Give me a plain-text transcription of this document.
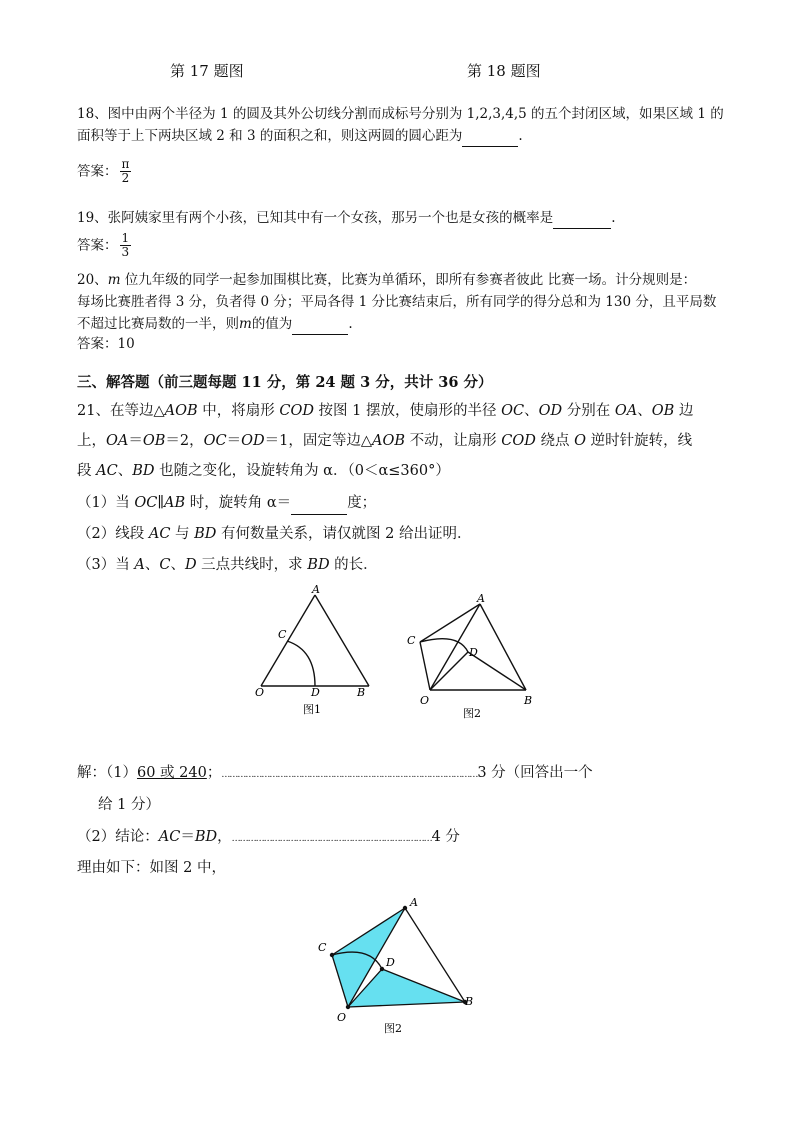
第 17 题图	第 18 题图
18、图中由两个半径为 1 的圆及其外公切线分割而成标号分别为 1,2,3,4,5 的五个封闭区域，如果区域 1 的
面积等于上下两块区域 2 和 3 的面积之和，则这两圆的圆心距为	.
答案： $\frac{\pi}{2}$
19、张阿姨家里有两个小孩，已知其中有一个女孩，那另一个也是女孩的概率是	.
答案： $\frac{1}{3}$
20、m 位九年级的同学一起参加围棋比赛，比赛为单循环，即所有参赛者彼此 比赛一场。计分规则是：
每场比赛胜者得 3 分，负者得 0 分；平局各得 1 分比赛结束后，所有同学的得分总和为 130 分，且平局数
不超过比赛局数的一半，则m的值为	.
答案：10
三、解答题（前三题每题 11 分，第 24 题 3 分，共计 36 分）
21、在等边△AOB 中，将扇形 COD 按图 1 摆放，使扇形的半径 OC、OD 分别在 OA、OB 边
上，OA＝OB＝2，OC＝OD＝1，固定等边△AOB 不动，让扇形 COD 绕点 O 逆时针旋转，线
段 AC、BD 也随之变化，设旋转角为 α．（0＜α≤360°）
（1）当 OC∥AB 时，旋转角 α＝	度；
（2）线段 AC 与 BD 有何数量关系，请仅就图 2 给出证明．
（3）当 A、C、D 三点共线时，求 BD 的长．
A
C
O	D	B
图1
A
C
D
O	B
图2
解：（1）60 或 240；……………………………………………………………………………………3 分（回答出一个
给 1 分）
（2）结论：AC＝BD，…………………………………………………………………4 分
理由如下：如图 2 中，
A
C
D
O
B
图2
